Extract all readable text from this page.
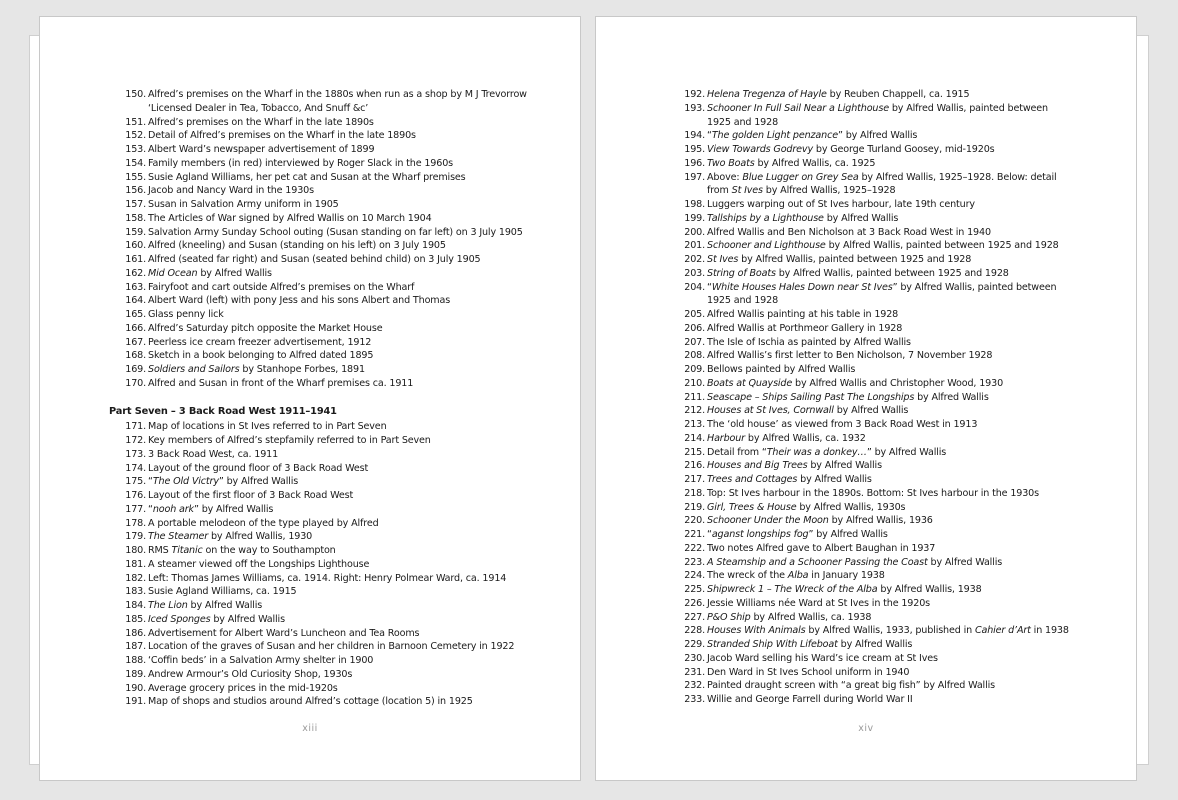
150. Alfred’s premises on the Wharf in the 1880s when run as a shop by M J Trevorrow ‘Licensed Dealer in Tea, Tobacco, And Snuff &c’
151. Alfred’s premises on the Wharf in the late 1890s
152. Detail of Alfred’s premises on the Wharf in the late 1890s
153. Albert Ward’s newspaper advertisement of 1899
154. Family members (in red) interviewed by Roger Slack in the 1960s
155. Susie Agland Williams, her pet cat and Susan at the Wharf premises
156. Jacob and Nancy Ward in the 1930s
157. Susan in Salvation Army uniform in 1905
158. The Articles of War signed by Alfred Wallis on 10 March 1904
159. Salvation Army Sunday School outing (Susan standing on far left) on 3 July 1905
160. Alfred (kneeling) and Susan (standing on his left) on 3 July 1905
161. Alfred (seated far right) and Susan (seated behind child) on 3 July 1905
162. Mid Ocean by Alfred Wallis
163. Fairyfoot and cart outside Alfred’s premises on the Wharf
164. Albert Ward (left) with pony Jess and his sons Albert and Thomas
165. Glass penny lick
166. Alfred’s Saturday pitch opposite the Market House
167. Peerless ice cream freezer advertisement, 1912
168. Sketch in a book belonging to Alfred dated 1895
169. Soldiers and Sailors by Stanhope Forbes, 1891
170. Alfred and Susan in front of the Wharf premises ca. 1911
Part Seven – 3 Back Road West 1911–1941
171. Map of locations in St Ives referred to in Part Seven
172. Key members of Alfred’s stepfamily referred to in Part Seven
173. 3 Back Road West, ca. 1911
174. Layout of the ground floor of 3 Back Road West
175. “The Old Victry” by Alfred Wallis
176. Layout of the first floor of 3 Back Road West
177. “nooh ark” by Alfred Wallis
178. A portable melodeon of the type played by Alfred
179. The Steamer by Alfred Wallis, 1930
180. RMS Titanic on the way to Southampton
181. A steamer viewed off the Longships Lighthouse
182. Left: Thomas James Williams, ca. 1914. Right: Henry Polmear Ward, ca. 1914
183. Susie Agland Williams, ca. 1915
184. The Lion by Alfred Wallis
185. Iced Sponges by Alfred Wallis
186. Advertisement for Albert Ward’s Luncheon and Tea Rooms
187. Location of the graves of Susan and her children in Barnoon Cemetery in 1922
188. ‘Coffin beds’ in a Salvation Army shelter in 1900
189. Andrew Armour’s Old Curiosity Shop, 1930s
190. Average grocery prices in the mid-1920s
191. Map of shops and studios around Alfred’s cottage (location 5) in 1925
xiii
192. Helena Tregenza of Hayle by Reuben Chappell, ca. 1915
193. Schooner In Full Sail Near a Lighthouse by Alfred Wallis, painted between 1925 and 1928
194. “The golden Light penzance” by Alfred Wallis
195. View Towards Godrevy by George Turland Goosey, mid-1920s
196. Two Boats by Alfred Wallis, ca. 1925
197. Above: Blue Lugger on Grey Sea by Alfred Wallis, 1925–1928. Below: detail from St Ives by Alfred Wallis, 1925–1928
198. Luggers warping out of St Ives harbour, late 19th century
199. Tallships by a Lighthouse by Alfred Wallis
200. Alfred Wallis and Ben Nicholson at 3 Back Road West in 1940
201. Schooner and Lighthouse by Alfred Wallis, painted between 1925 and 1928
202. St Ives by Alfred Wallis, painted between 1925 and 1928
203. String of Boats by Alfred Wallis, painted between 1925 and 1928
204. “White Houses Hales Down near St Ives” by Alfred Wallis, painted between 1925 and 1928
205. Alfred Wallis painting at his table in 1928
206. Alfred Wallis at Porthmeor Gallery in 1928
207. The Isle of Ischia as painted by Alfred Wallis
208. Alfred Wallis’s first letter to Ben Nicholson, 7 November 1928
209. Bellows painted by Alfred Wallis
210. Boats at Quayside by Alfred Wallis and Christopher Wood, 1930
211. Seascape – Ships Sailing Past The Longships by Alfred Wallis
212. Houses at St Ives, Cornwall by Alfred Wallis
213. The ‘old house’ as viewed from 3 Back Road West in 1913
214. Harbour by Alfred Wallis, ca. 1932
215. Detail from “Their was a donkey…” by Alfred Wallis
216. Houses and Big Trees by Alfred Wallis
217. Trees and Cottages by Alfred Wallis
218. Top: St Ives harbour in the 1890s. Bottom: St Ives harbour in the 1930s
219. Girl, Trees & House by Alfred Wallis, 1930s
220. Schooner Under the Moon by Alfred Wallis, 1936
221. “aganst longships fog” by Alfred Wallis
222. Two notes Alfred gave to Albert Baughan in 1937
223. A Steamship and a Schooner Passing the Coast by Alfred Wallis
224. The wreck of the Alba in January 1938
225. Shipwreck 1 – The Wreck of the Alba by Alfred Wallis, 1938
226. Jessie Williams née Ward at St Ives in the 1920s
227. P&O Ship by Alfred Wallis, ca. 1938
228. Houses With Animals by Alfred Wallis, 1933, published in Cahier d’Art in 1938
229. Stranded Ship With Lifeboat by Alfred Wallis
230. Jacob Ward selling his Ward’s ice cream at St Ives
231. Den Ward in St Ives School uniform in 1940
232. Painted draught screen with “a great big fish” by Alfred Wallis
233. Willie and George Farrell during World War II
xiv
